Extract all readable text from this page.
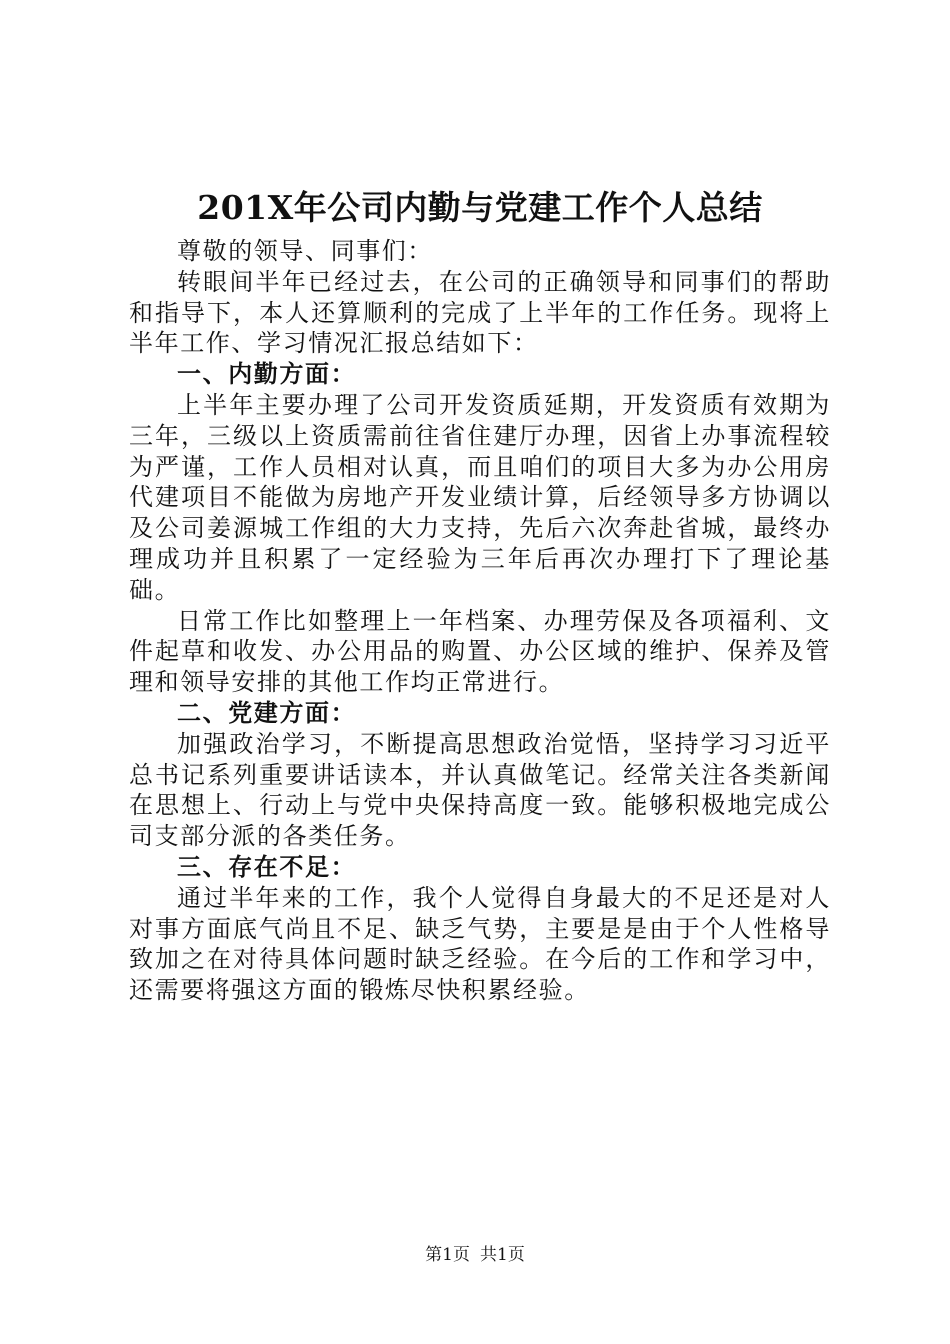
201X年公司内勤与党建工作个人总结

尊敬的领导、同事们：

转眼间半年已经过去，在公司的正确领导和同事们的帮助和指导下，本人还算顺利的完成了上半年的工作任务。现将上半年工作、学习情况汇报总结如下：

一、内勤方面：

上半年主要办理了公司开发资质延期，开发资质有效期为三年，三级以上资质需前往省住建厅办理，因省上办事流程较为严谨，工作人员相对认真，而且咱们的项目大多为办公用房代建项目不能做为房地产开发业绩计算，后经领导多方协调以及公司姜源城工作组的大力支持，先后六次奔赴省城，最终办理成功并且积累了一定经验为三年后再次办理打下了理论基础。

日常工作比如整理上一年档案、办理劳保及各项福利、文件起草和收发、办公用品的购置、办公区域的维护、保养及管理和领导安排的其他工作均正常进行。

二、党建方面：

加强政治学习，不断提高思想政治觉悟，坚持学习习近平总书记系列重要讲话读本，并认真做笔记。经常关注各类新闻在思想上、行动上与党中央保持高度一致。能够积极地完成公司支部分派的各类任务。

三、存在不足：

通过半年来的工作，我个人觉得自身最大的不足还是对人对事方面底气尚且不足、缺乏气势，主要是是由于个人性格导致加之在对待具体问题时缺乏经验。在今后的工作和学习中，还需要将强这方面的锻炼尽快积累经验。

第1页 共1页
